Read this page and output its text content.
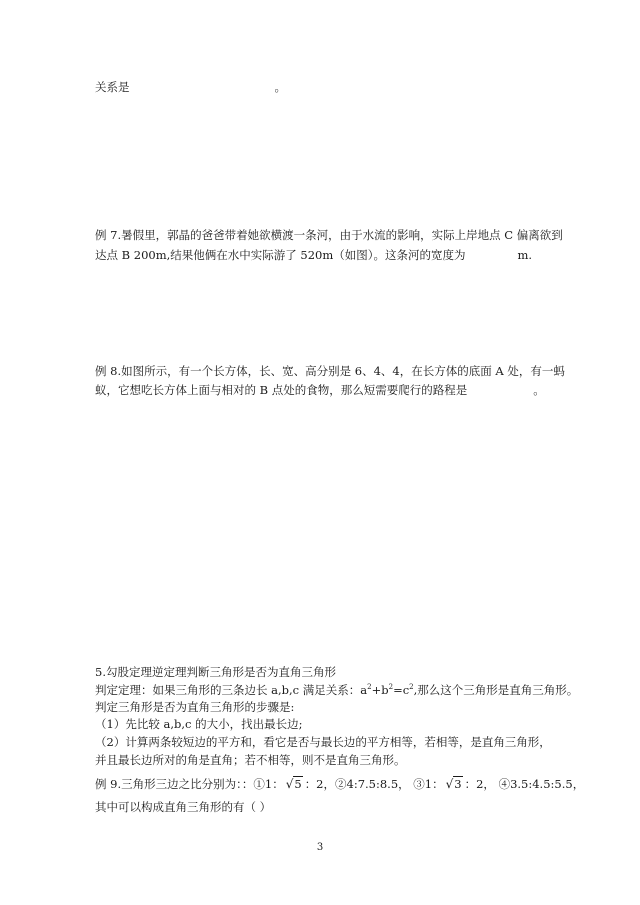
关系是	。
例 7.暑假里，郭晶的爸爸带着她欲横渡一条河，由于水流的影响，实际上岸地点 C 偏离欲到
达点 B 200m,结果他俩在水中实际游了 520m（如图）。这条河的宽度为	m.
例 8.如图所示，有一个长方体，长、宽、高分别是 6、4、4，在长方体的底面 A 处，有一蚂
蚁，它想吃长方体上面与相对的 B 点处的食物，那么短需要爬行的路程是	。
5.勾股定理逆定理判断三角形是否为直角三角形
判定定理：如果三角形的三条边长 a,b,c 满足关系：$a^2+b^2=c^2$,那么这个三角形是直角三角形。
判定三角形是否为直角三角形的步骤是:
（1）先比较 a,b,c 的大小，找出最长边;
（2）计算两条较短边的平方和，看它是否与最长边的平方相等，若相等，是直角三角形，
并且最长边所对的角是直角；若不相等，则不是直角三角形。
例 9.三角形三边之比分别为：：①1： √5 ：2，②4:7.5:8.5， ③1： √3 ：2， ④3.5:4.5:5.5，
其中可以构成直角三角形的有（ ）
3
